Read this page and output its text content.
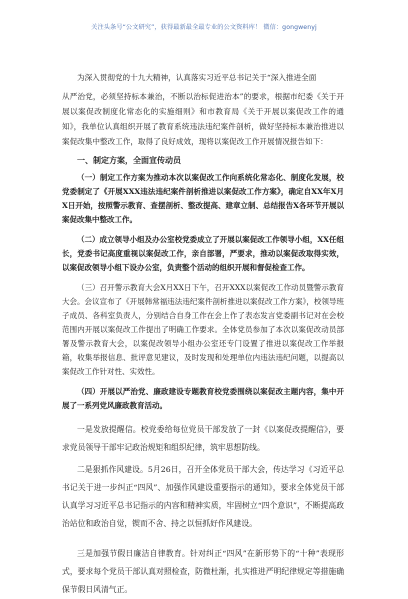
关注头条号“公文研究”，获得最新最全最专业的公文资料库！ 微信：gongwenyj

为深入贯彻党的十九大精神，认真落实习近平总书记关于“深入推进全面

从严治党，必须坚持标本兼治，不断以治标促进治本”的要求，根据市纪委《关于开展以案促改制度化常态化的实施细则》和市教育局《关于开展以案促改工作的通知》，我单位认真组织开展了教育系统违法违纪案件剖析，做好坚持标本兼治推进以案促改集中整改工作，取得了良好成效，现将以案促改工作开展情况报告如下：

一、制定方案，全面宣传动员

（一）制定工作方案为推动本次以案促改工作向系统化常态化、制度化发展，校党委制定了《开展XXX违法违纪案件剖析推进以案促改工作方案》，确定自XX年X月X日开始，按照警示教育、查摆剖析、整改提高、建章立制、总结报告X各环节开展以案促改集中整改工作。

（二）成立领导小组及办公室校党委成立了开展以案促改工作领导小组，XX任组长，党委书记高度重视以案促改工作，亲自部署，严要求，推动以案促改取得实效，以案促改领导小组下设办公室，负责整个活动的组织开展和督促检查工作。

（三）召开警示教育大会X月XX日下午，召开XXX以案促改工作动员暨警示教育大会。会议宣布了《开展韩常福违法违纪案件剖析推进以案促改工作方案》，校领导班子成员、各科室负责人，分别结合自身工作在会上作了表态发言党委副书记对在会校范围内开展以案促改工作提出了明确工作要求。全体党员参加了本次以案促改动员部署及警示教育大会，以案促改领导小组办公室还专门设置了推进以案促改工作举报箱，收集举报信息、批评意见建议，及时发现和处理单位内违法违纪问题，以提高以案促改工作针对性、实效性。

（四）开展以严治党、廉政建设专题教育校党委围绕以案促改主题内容，集中开展了一系列党风廉政教育活动。

一是发放提醒信。校党委给每位党员干部发放了一封《以案促改提醒信》，要求党员领导干部牢记政治规矩和组织纪律，筑牢思想防线。

二是狠抓作风建设。5月26日，召开全体党员干部大会，传达学习《习近平总书记关于进一步纠正“四风”、加强作风建设重要指示的通知》，要求全体党员干部认真学习习近平总书记指示的内容和精神实质，牢固树立“四个意识”，不断提高政治站位和政治自觉，锲而不舍、持之以恒抓好作风建设。

三是加强节假日廉洁自律教育。针对纠正“四风”在新形势下的“十种”表现形式，要求每个党员干部认真对照检查，防微杜渐，扎实推进严明纪律规定等措施确保节假日风清气正。
